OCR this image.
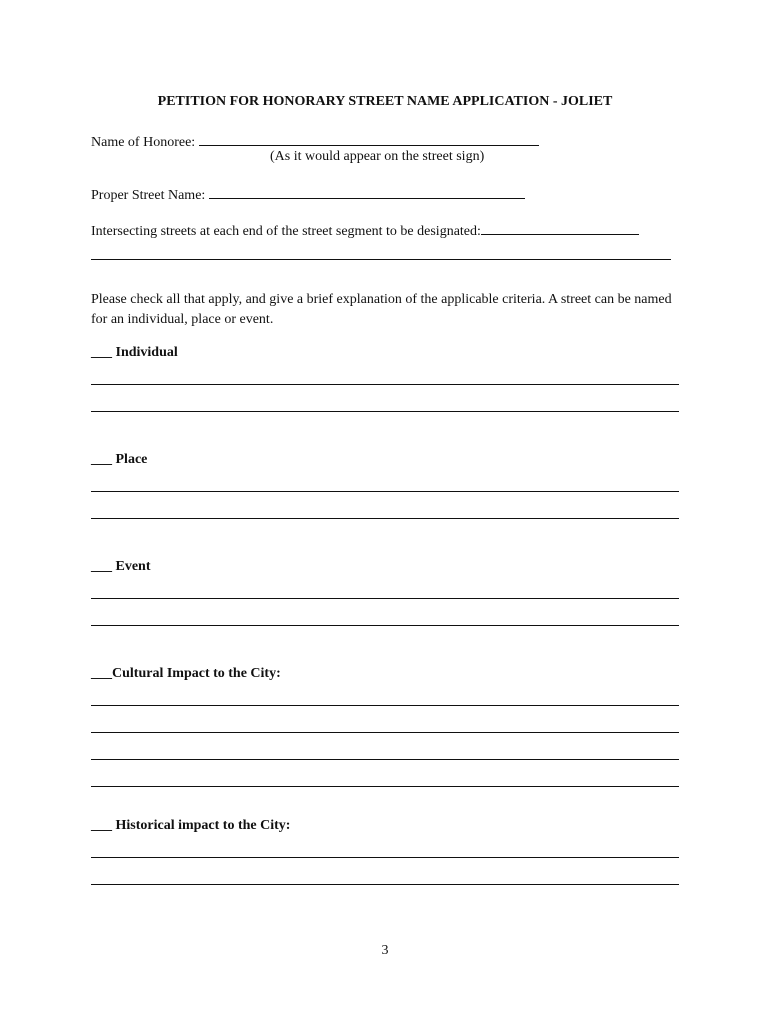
PETITION FOR HONORARY STREET NAME APPLICATION - JOLIET
Name of Honoree:
(As it would appear on the street sign)
Proper Street Name:
Intersecting streets at each end of the street segment to be designated:
Please check all that apply, and give a brief explanation of the applicable criteria. A street can be named for an individual, place or event.
___ Individual
___ Place
___ Event
___Cultural Impact to the City:
___ Historical impact to the City:
3
